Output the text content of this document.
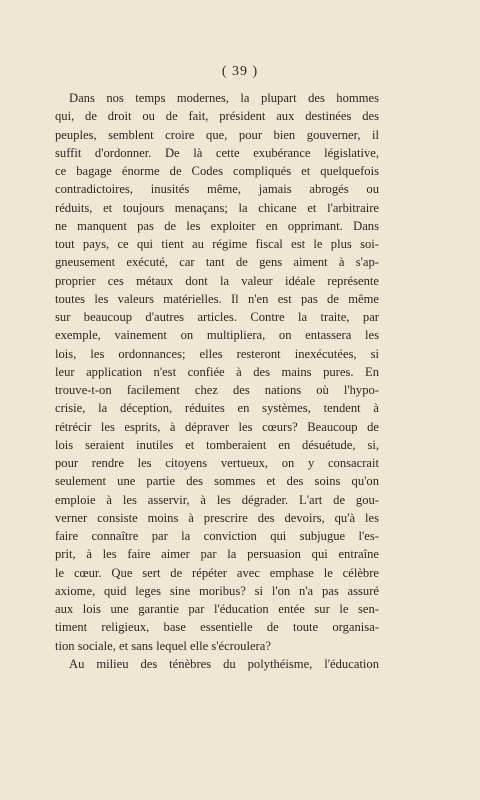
( 39 )
Dans nos temps modernes, la plupart des hommes
qui, de droit ou de fait, président aux destinées des
peuples, semblent croire que, pour bien gouverner, il
suffit d'ordonner. De là cette exubérance législative,
ce bagage énorme de Codes compliqués et quelquefois
contradictoires, inusités même, jamais abrogés ou
réduits, et toujours menaçans; la chicane et l'arbitraire
ne manquent pas de les exploiter en opprimant. Dans
tout pays, ce qui tient au régime fiscal est le plus soi-
gneusement exécuté, car tant de gens aiment à s'ap-
proprier ces métaux dont la valeur idéale représente
toutes les valeurs matérielles. Il n'en est pas de même
sur beaucoup d'autres articles. Contre la traite, par
exemple, vainement on multipliera, on entassera les
lois, les ordonnances; elles resteront inexécutées, si
leur application n'est confiée à des mains pures. En
trouve-t-on facilement chez des nations où l'hypo-
crisie, la déception, réduites en systèmes, tendent à
rétrécir les esprits, à dépraver les cœurs? Beaucoup de
lois seraient inutiles et tomberaient en désuétude, si,
pour rendre les citoyens vertueux, on y consacrait
seulement une partie des sommes et des soins qu'on
emploie à les asservir, à les dégrader. L'art de gou-
verner consiste moins à prescrire des devoirs, qu'à les
faire connaître par la conviction qui subjugue l'es-
prit, à les faire aimer par la persuasion qui entraîne
le cœur. Que sert de répéter avec emphase le célèbre
axiome, quid leges sine moribus? si l'on n'a pas assuré
aux lois une garantie par l'éducation entée sur le sen-
timent religieux, base essentielle de toute organisa-
tion sociale, et sans lequel elle s'écroulera?
Au milieu des ténèbres du polythéisme, l'éducation
